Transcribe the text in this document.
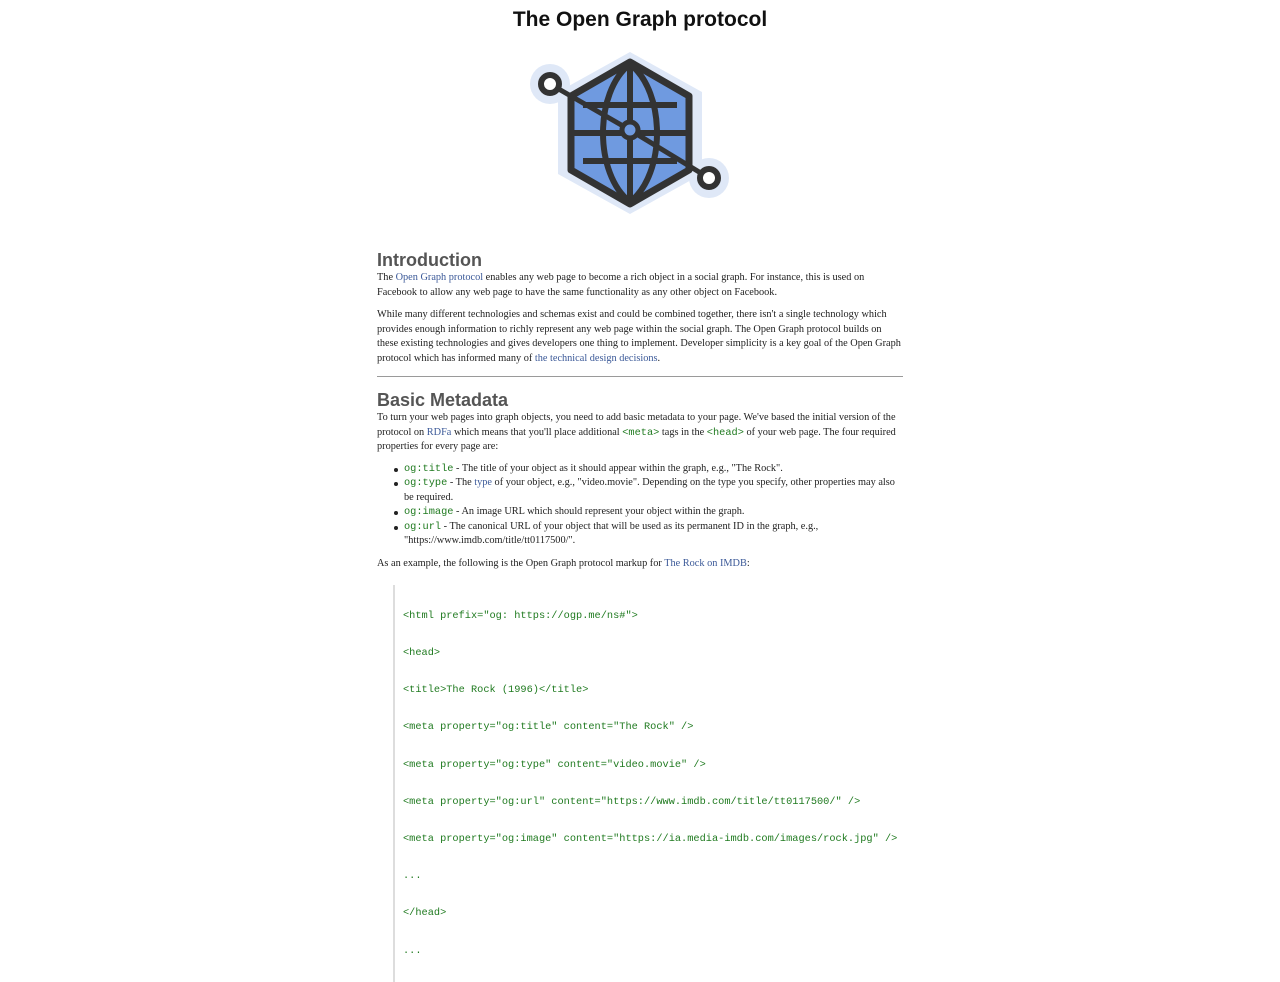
The Open Graph protocol
Introduction

The Open Graph protocol enables any web page to become a rich object in a social graph. For instance, this is used on Facebook to allow any web page to have the same functionality as any other object on Facebook.

While many different technologies and schemas exist and could be combined together, there isn't a single technology which provides enough information to richly represent any web page within the social graph. The Open Graph protocol builds on these existing technologies and gives developers one thing to implement. Developer simplicity is a key goal of the Open Graph protocol which has informed many of the technical design decisions.

Basic Metadata

To turn your web pages into graph objects, you need to add basic metadata to your page. We've based the initial version of the protocol on RDFa which means that you'll place additional <meta> tags in the <head> of your web page. The four required properties for every page are:

og:title - The title of your object as it should appear within the graph, e.g., "The Rock".
og:type - The type of your object, e.g., "video.movie". Depending on the type you specify, other properties may also be required.
og:image - An image URL which should represent your object within the graph.
og:url - The canonical URL of your object that will be used as its permanent ID in the graph, e.g., "https://www.imdb.com/title/tt0117500/".

As an example, the following is the Open Graph protocol markup for The Rock on IMDB:

<html prefix="og: https://ogp.me/ns#">

<head>

<title>The Rock (1996)</title>

<meta property="og:title" content="The Rock" />

<meta property="og:type" content="video.movie" />

<meta property="og:url" content="https://www.imdb.com/title/tt0117500/" />

<meta property="og:image" content="https://ia.media-imdb.com/images/rock.jpg" />

...

</head>

...
